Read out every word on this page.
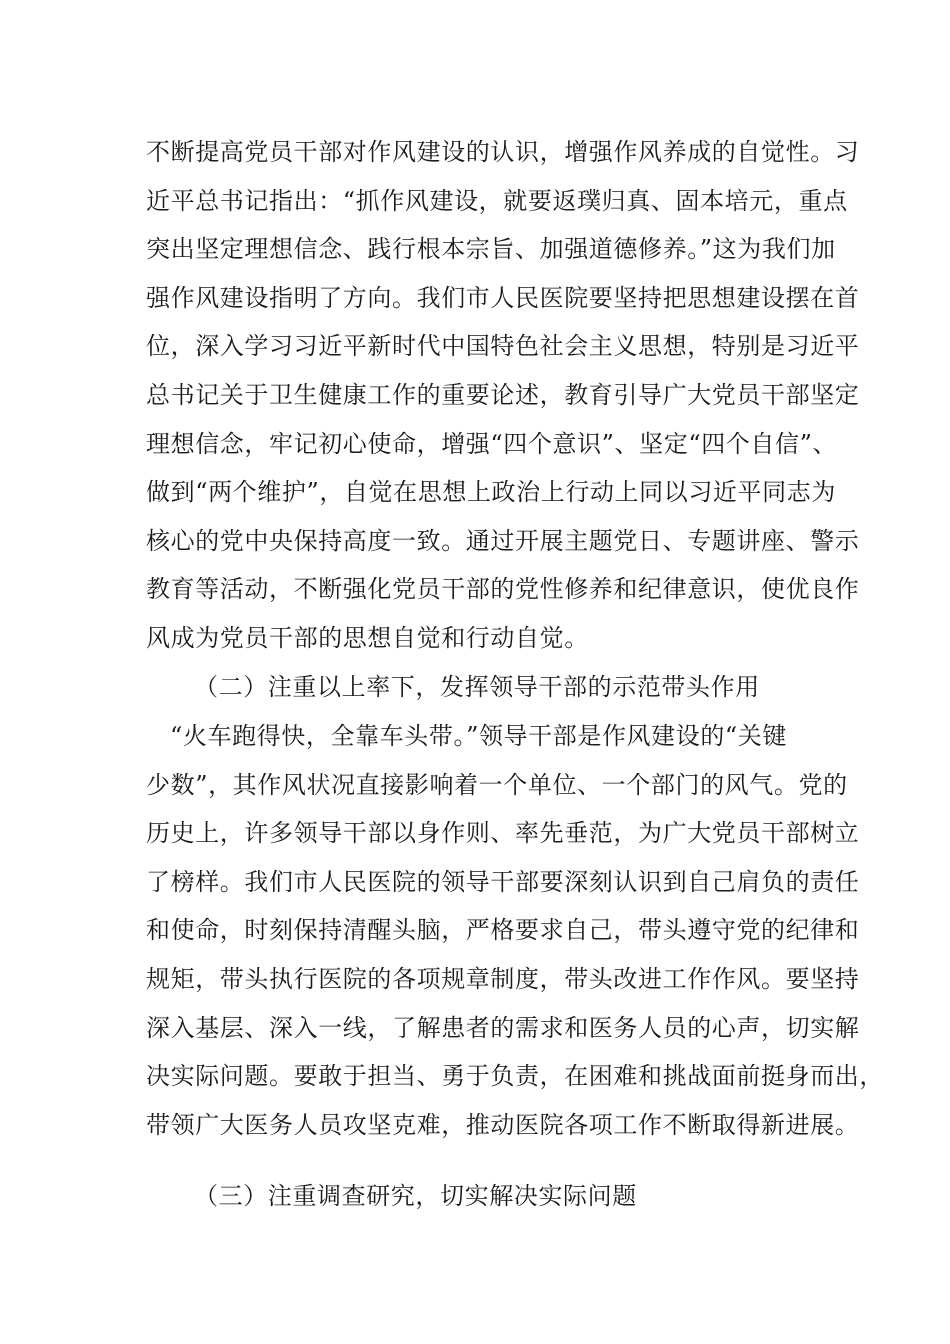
不断提高党员干部对作风建设的认识，增强作风养成的自觉性。习
近平总书记指出：“抓作风建设，就要返璞归真、固本培元，重点
突出坚定理想信念、践行根本宗旨、加强道德修养。”这为我们加
强作风建设指明了方向。我们市人民医院要坚持把思想建设摆在首
位，深入学习习近平新时代中国特色社会主义思想，特别是习近平
总书记关于卫生健康工作的重要论述，教育引导广大党员干部坚定
理想信念，牢记初心使命，增强“四个意识”、坚定“四个自信”、
做到“两个维护”，自觉在思想上政治上行动上同以习近平同志为
核心的党中央保持高度一致。通过开展主题党日、专题讲座、警示
教育等活动，不断强化党员干部的党性修养和纪律意识，使优良作
风成为党员干部的思想自觉和行动自觉。
（二）注重以上率下，发挥领导干部的示范带头作用
“火车跑得快，全靠车头带。”领导干部是作风建设的“关键
少数”，其作风状况直接影响着一个单位、一个部门的风气。党的
历史上，许多领导干部以身作则、率先垂范，为广大党员干部树立
了榜样。我们市人民医院的领导干部要深刻认识到自己肩负的责任
和使命，时刻保持清醒头脑，严格要求自己，带头遵守党的纪律和
规矩，带头执行医院的各项规章制度，带头改进工作作风。要坚持
深入基层、深入一线，了解患者的需求和医务人员的心声，切实解
决实际问题。要敢于担当、勇于负责，在困难和挑战面前挺身而出，
带领广大医务人员攻坚克难，推动医院各项工作不断取得新进展。
（三）注重调查研究，切实解决实际问题
